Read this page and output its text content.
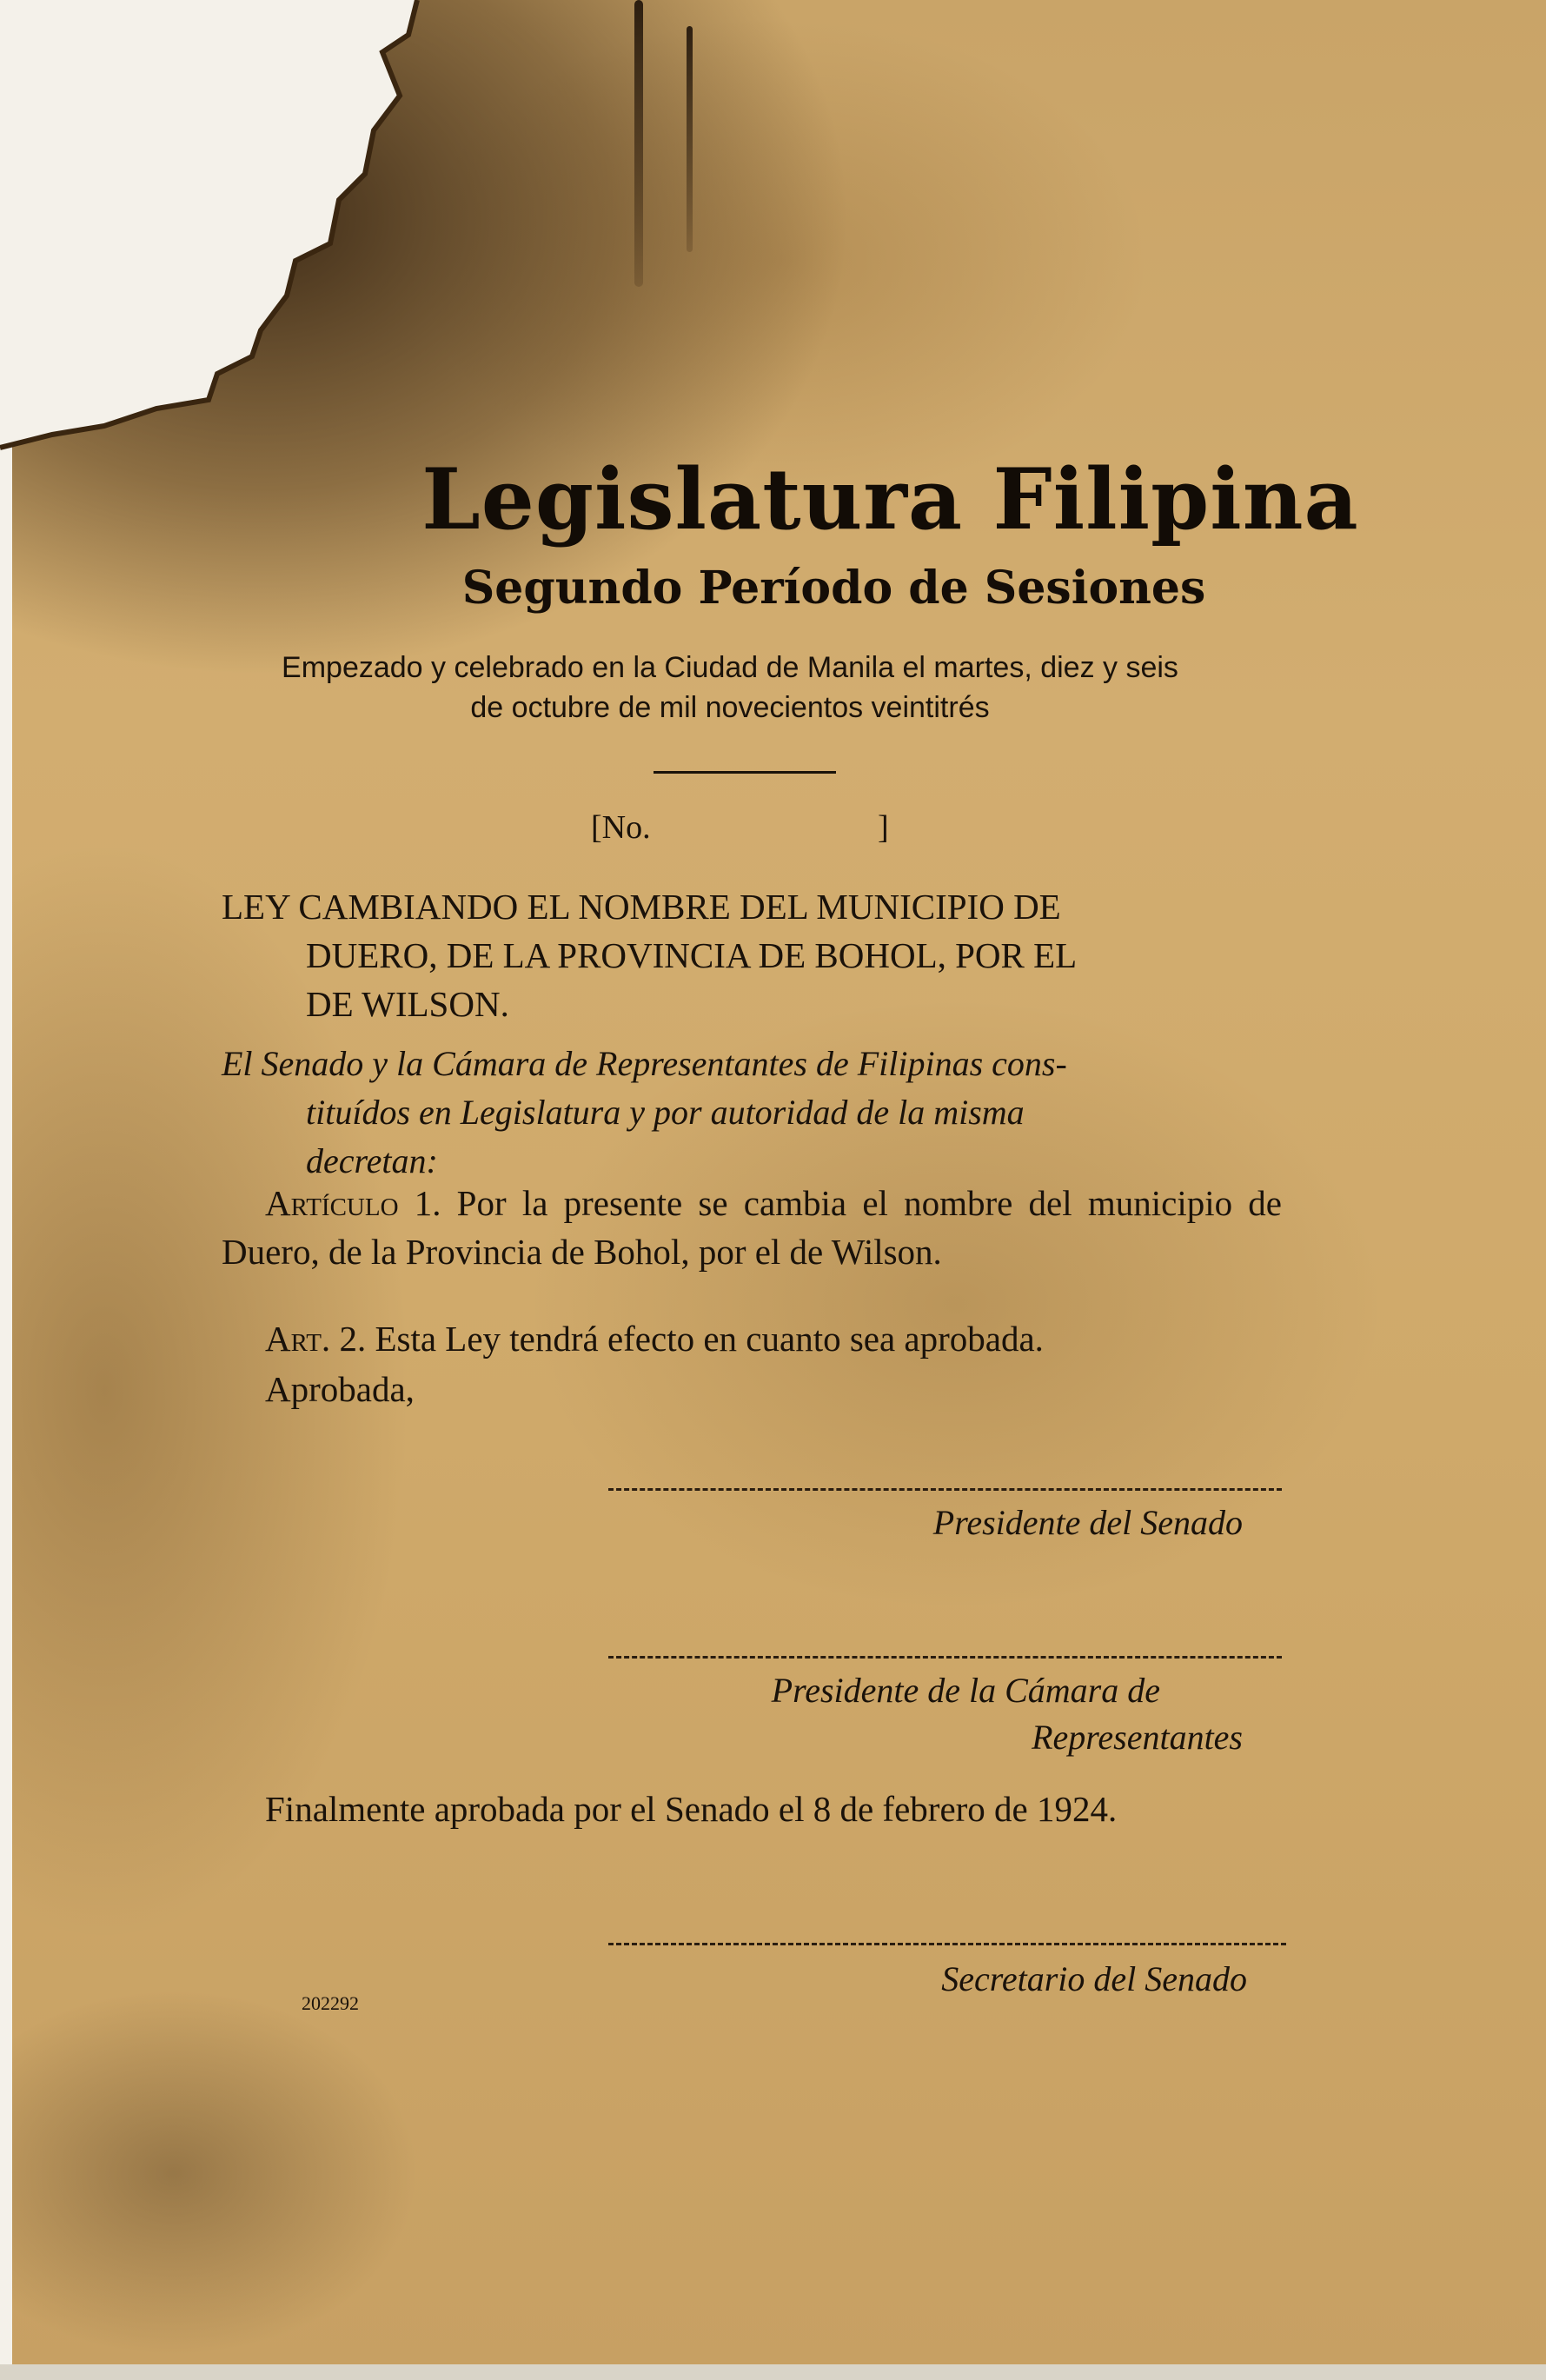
Legislatura Filipina
Segundo Período de Sesiones
Empezado y celebrado en la Ciudad de Manila el martes, diez y seis
de octubre de mil novecientos veintitrés
[No.	]
LEY CAMBIANDO EL NOMBRE DEL MUNICIPIO DE
DUERO, DE LA PROVINCIA DE BOHOL, POR EL
DE WILSON.
El Senado y la Cámara de Representantes de Filipinas cons-
tituídos en Legislatura y por autoridad de la misma
decretan:
Artículo 1. Por la presente se cambia el nombre del municipio de Duero, de la Provincia de Bohol, por el de Wilson.
Art. 2. Esta Ley tendrá efecto en cuanto sea aprobada.
Aprobada,
Presidente del Senado
Presidente de la Cámara de
Representantes
Finalmente aprobada por el Senado el 8 de febrero de 1924.
Secretario del Senado
202292
